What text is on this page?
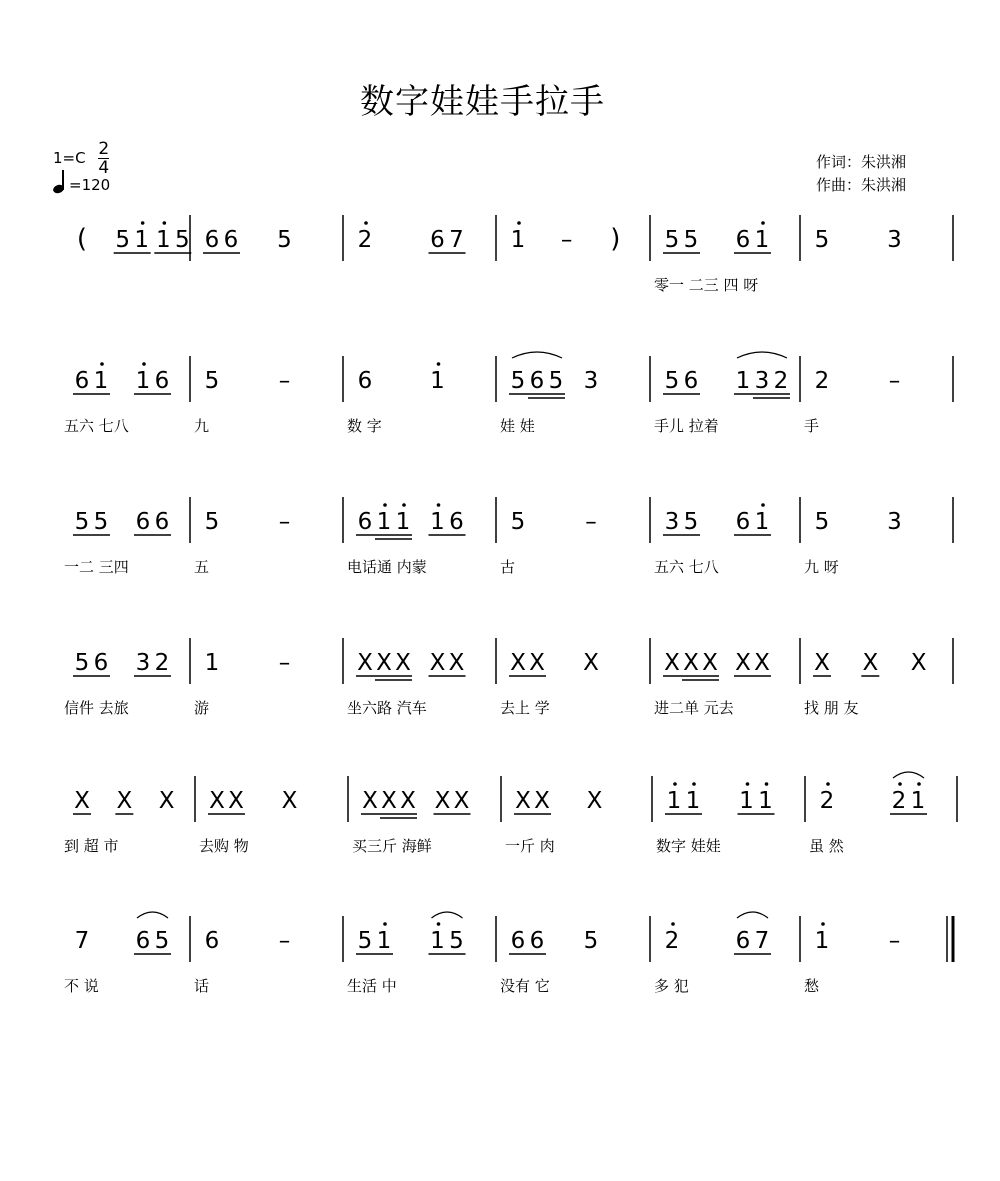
数字娃娃手拉手
$1=C \frac{2}{4}$
=120
作词：朱洪湘
作曲：朱洪湘
( 5 1 1 5 6 6 5	2	6 7 1 – ) 5 5 6 1 5	3
零一 二三 四 呀
6 1 1 6 5	–	6	1	5 6 5 3	5 6 1 3 2 2	–
五六 七八	九	数 字	娃 娃	手儿 拉着	手
5 5 6 6 5	–	6 1 1 1 6 5	–	3 5 6 1 5	3
一二 三四	五	电话通 内蒙	古	五六 七八	九 呀
5 6 3 2 1	–	X X X X X X X X	X X X X X X X X
信件 去旅	游	坐六路 汽车	去上 学	进二单 元去	找 朋 友
X X X X X X	X X X X X X X X	1 1 1 1 2 2 1
到 超 市	去购 物	买三斤 海鲜	一斤 肉	数字 娃娃	虽 然
7 6 5 6	–	5 1 1 5 6 6 5	2 6 7 1	–
不 说	话	生活 中	没有 它	多 犯	愁
